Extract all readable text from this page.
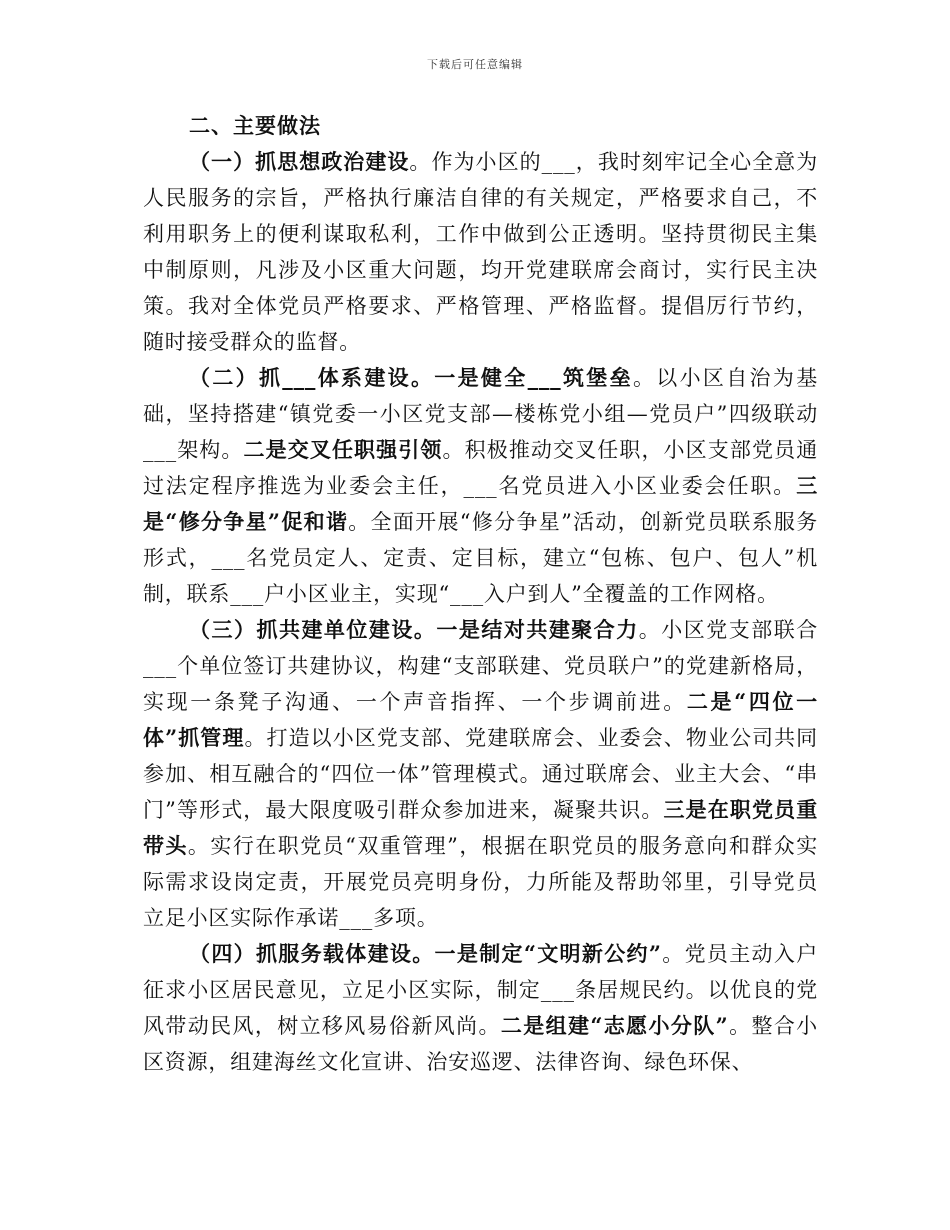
下载后可任意编辑

二、主要做法

（一）抓思想政治建设。作为小区的___，我时刻牢记全心全意为人民服务的宗旨，严格执行廉洁自律的有关规定，严格要求自己，不利用职务上的便利谋取私利，工作中做到公正透明。坚持贯彻民主集中制原则，凡涉及小区重大问题，均开党建联席会商讨，实行民主决策。我对全体党员严格要求、严格管理、严格监督。提倡厉行节约，随时接受群众的监督。

（二）抓___体系建设。一是健全___筑堡垒。以小区自治为基础，坚持搭建“镇党委一小区党支部—楼栋党小组—党员户”四级联动___架构。二是交叉任职强引领。积极推动交叉任职，小区支部党员通过法定程序推选为业委会主任，___名党员进入小区业委会任职。三是“修分争星”促和谐。全面开展“修分争星”活动，创新党员联系服务形式，___名党员定人、定责、定目标，建立“包栋、包户、包人”机制，联系___户小区业主，实现“___入户到人”全覆盖的工作网格。

（三）抓共建单位建设。一是结对共建聚合力。小区党支部联合___个单位签订共建协议，构建“支部联建、党员联户”的党建新格局，实现一条凳子沟通、一个声音指挥、一个步调前进。二是“四位一体”抓管理。打造以小区党支部、党建联席会、业委会、物业公司共同参加、相互融合的“四位一体”管理模式。通过联席会、业主大会、“串门”等形式，最大限度吸引群众参加进来，凝聚共识。三是在职党员重带头。实行在职党员“双重管理”，根据在职党员的服务意向和群众实际需求设岗定责，开展党员亮明身份，力所能及帮助邻里，引导党员立足小区实际作承诺___多项。

（四）抓服务载体建设。一是制定“文明新公约”。党员主动入户征求小区居民意见，立足小区实际，制定___条居规民约。以优良的党风带动民风，树立移风易俗新风尚。二是组建“志愿小分队”。整合小区资源，组建海丝文化宣讲、治安巡逻、法律咨询、绿色环保、
